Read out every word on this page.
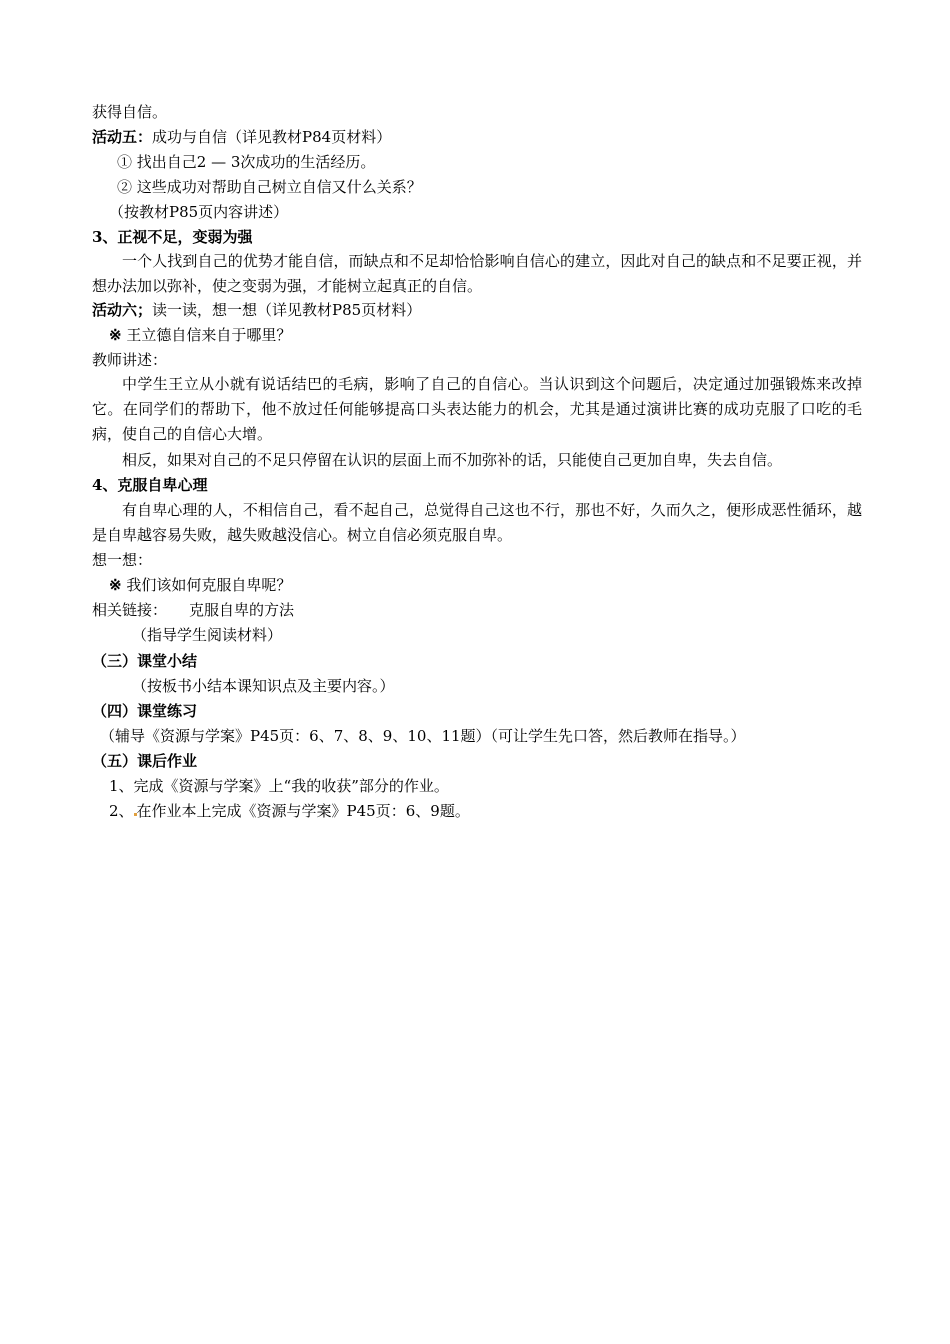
获得自信。
活动五：成功与自信（详见教材P84页材料）
① 找出自己2 — 3次成功的生活经历。
② 这些成功对帮助自己树立自信又什么关系？
（按教材P85页内容讲述）
3、正视不足，变弱为强
一个人找到自己的优势才能自信，而缺点和不足却恰恰影响自信心的建立，因此对自己的缺点和不足要正视，并想办法加以弥补，使之变弱为强，才能树立起真正的自信。
活动六；读一读，想一想（详见教材P85页材料）
※ 王立德自信来自于哪里？
教师讲述：
中学生王立从小就有说话结巴的毛病，影响了自己的自信心。当认识到这个问题后，决定通过加强锻炼来改掉它。在同学们的帮助下，他不放过任何能够提高口头表达能力的机会，尤其是通过演讲比赛的成功克服了口吃的毛病，使自己的自信心大增。
相反，如果对自己的不足只停留在认识的层面上而不加弥补的话，只能使自己更加自卑，失去自信。
4、克服自卑心理
有自卑心理的人，不相信自己，看不起自己，总觉得自己这也不行，那也不好，久而久之，便形成恶性循环，越是自卑越容易失败，越失败越没信心。树立自信必须克服自卑。
想一想：
※ 我们该如何克服自卑呢？
相关链接： 克服自卑的方法
（指导学生阅读材料）
（三）课堂小结
（按板书小结本课知识点及主要内容。）
（四）课堂练习
（辅导《资源与学案》P45页：6、7、8、9、10、11题）（可让学生先口答，然后教师在指导。）
（五）课后作业
1、完成《资源与学案》上“我的收获”部分的作业。
2、 在作业本上完成《资源与学案》P45页：6、9题。
